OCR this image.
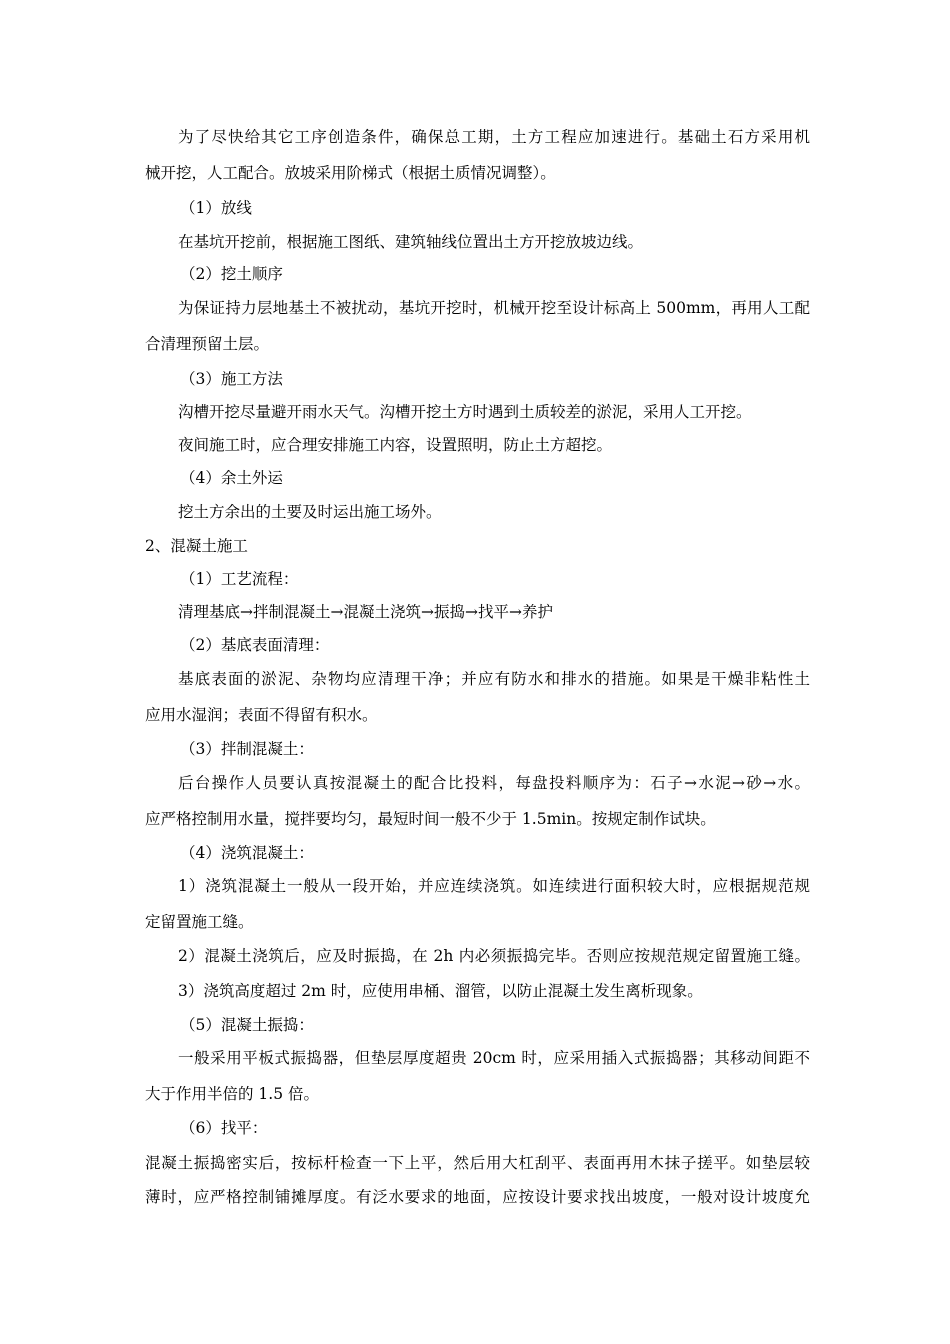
为了尽快给其它工序创造条件，确保总工期，土方工程应加速进行。基础土石方采用机
械开挖，人工配合。放坡采用阶梯式（根据土质情况调整）。
（1）放线
在基坑开挖前，根据施工图纸、建筑轴线位置出土方开挖放坡边线。
（2）挖土顺序
为保证持力层地基土不被扰动，基坑开挖时，机械开挖至设计标高上 500mm，再用人工配
合清理预留土层。
（3）施工方法
沟槽开挖尽量避开雨水天气。沟槽开挖土方时遇到土质较差的淤泥，采用人工开挖。
夜间施工时，应合理安排施工内容，设置照明，防止土方超挖。
（4）余土外运
挖土方余出的土要及时运出施工场外。
2、混凝土施工
（1）工艺流程：
清理基底→拌制混凝土→混凝土浇筑→振捣→找平→养护
（2）基底表面清理：
基底表面的淤泥、杂物均应清理干净；并应有防水和排水的措施。如果是干燥非粘性土
应用水湿润；表面不得留有积水。
（3）拌制混凝土：
后台操作人员要认真按混凝土的配合比投料，每盘投料顺序为：石子→水泥→砂→水。
应严格控制用水量，搅拌要均匀，最短时间一般不少于 1.5min。按规定制作试块。
（4）浇筑混凝土：
1）浇筑混凝土一般从一段开始，并应连续浇筑。如连续进行面积较大时，应根据规范规
定留置施工缝。
2）混凝土浇筑后，应及时振捣，在 2h 内必须振捣完毕。否则应按规范规定留置施工缝。
3）浇筑高度超过 2m 时，应使用串桶、溜管，以防止混凝土发生离析现象。
（5）混凝土振捣：
一般采用平板式振捣器，但垫层厚度超贵 20cm 时，应采用插入式振捣器；其移动间距不
大于作用半倍的 1.5 倍。
（6）找平：
混凝土振捣密实后，按标杆检查一下上平，然后用大杠刮平、表面再用木抹子搓平。如垫层较
薄时，应严格控制铺摊厚度。有泛水要求的地面，应按设计要求找出坡度，一般对设计坡度允
